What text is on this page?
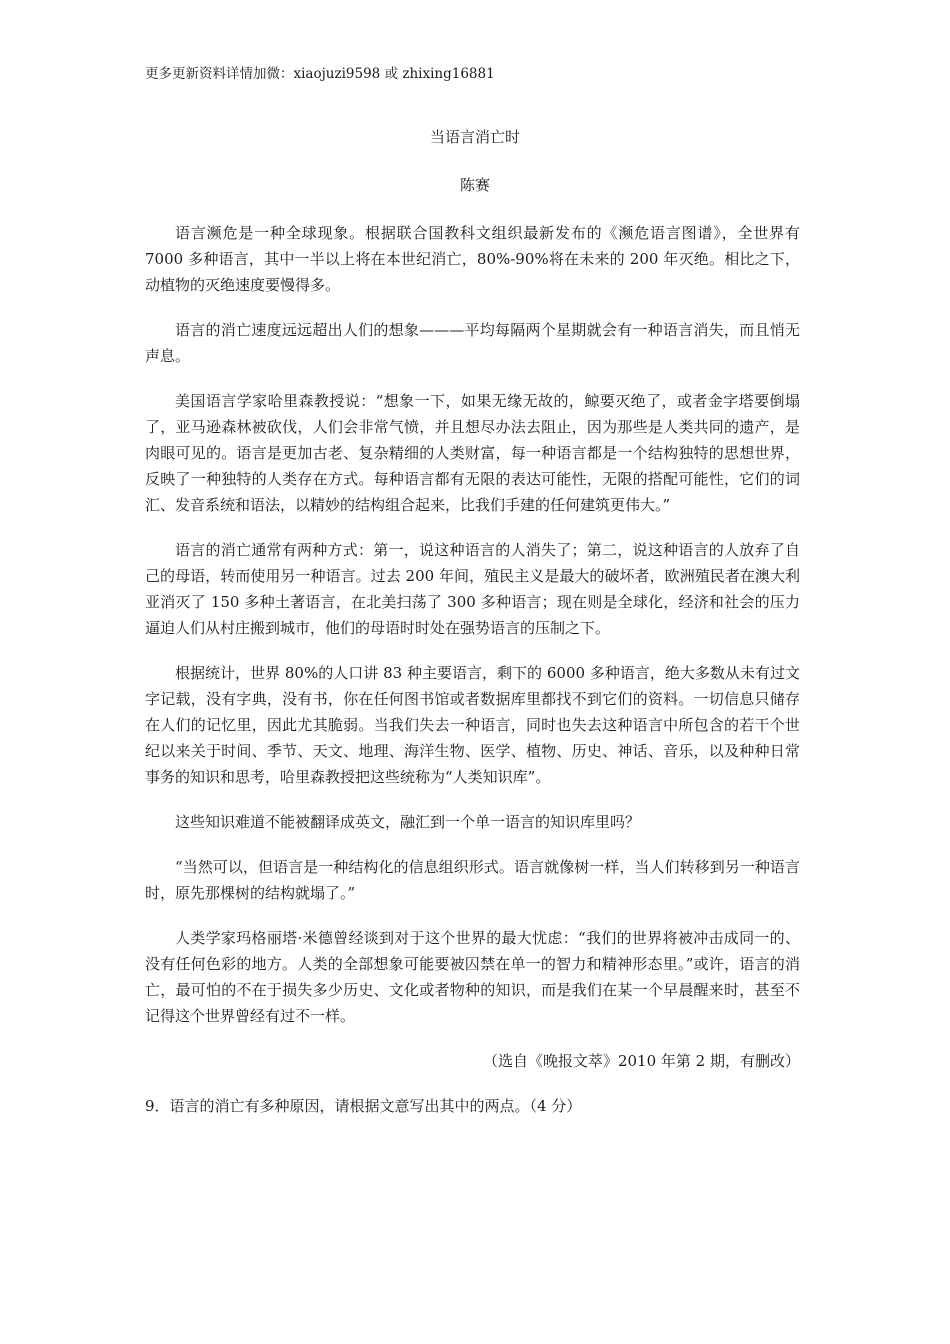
更多更新资料详情加微：xiaojuzi9598 或 zhixing16881
当语言消亡时
陈赛

语言濒危是一种全球现象。根据联合国教科文组织最新发布的《濒危语言图谱》，全世界有 7000 多种语言，其中一半以上将在本世纪消亡，80%-90%将在未来的 200 年灭绝。相比之下，动植物的灭绝速度要慢得多。

语言的消亡速度远远超出人们的想象———平均每隔两个星期就会有一种语言消失，而且悄无声息。

美国语言学家哈里森教授说：“想象一下，如果无缘无故的，鲸要灭绝了，或者金字塔要倒塌了，亚马逊森林被砍伐，人们会非常气愤，并且想尽办法去阻止，因为那些是人类共同的遗产，是肉眼可见的。语言是更加古老、复杂精细的人类财富，每一种语言都是一个结构独特的思想世界，反映了一种独特的人类存在方式。每种语言都有无限的表达可能性，无限的搭配可能性，它们的词汇、发音系统和语法，以精妙的结构组合起来，比我们手建的任何建筑更伟大。”

语言的消亡通常有两种方式：第一，说这种语言的人消失了；第二，说这种语言的人放弃了自己的母语，转而使用另一种语言。过去 200 年间，殖民主义是最大的破坏者，欧洲殖民者在澳大利亚消灭了 150 多种土著语言，在北美扫荡了 300 多种语言；现在则是全球化，经济和社会的压力逼迫人们从村庄搬到城市，他们的母语时时处在强势语言的压制之下。

根据统计，世界 80%的人口讲 83 种主要语言，剩下的 6000 多种语言，绝大多数从未有过文字记载，没有字典，没有书，你在任何图书馆或者数据库里都找不到它们的资料。一切信息只储存在人们的记忆里，因此尤其脆弱。当我们失去一种语言，同时也失去这种语言中所包含的若干个世纪以来关于时间、季节、天文、地理、海洋生物、医学、植物、历史、神话、音乐，以及种种日常事务的知识和思考，哈里森教授把这些统称为“人类知识库”。

这些知识难道不能被翻译成英文，融汇到一个单一语言的知识库里吗？

“当然可以，但语言是一种结构化的信息组织形式。语言就像树一样，当人们转移到另一种语言时，原先那棵树的结构就塌了。”

人类学家玛格丽塔·米德曾经谈到对于这个世界的最大忧虑：“我们的世界将被冲击成同一的、没有任何色彩的地方。人类的全部想象可能要被囚禁在单一的智力和精神形态里。”或许，语言的消亡，最可怕的不在于损失多少历史、文化或者物种的知识，而是我们在某一个早晨醒来时，甚至不记得这个世界曾经有过不一样。

（选自《晚报文萃》2010 年第 2 期，有删改）

9．语言的消亡有多种原因，请根据文意写出其中的两点。（4 分）
